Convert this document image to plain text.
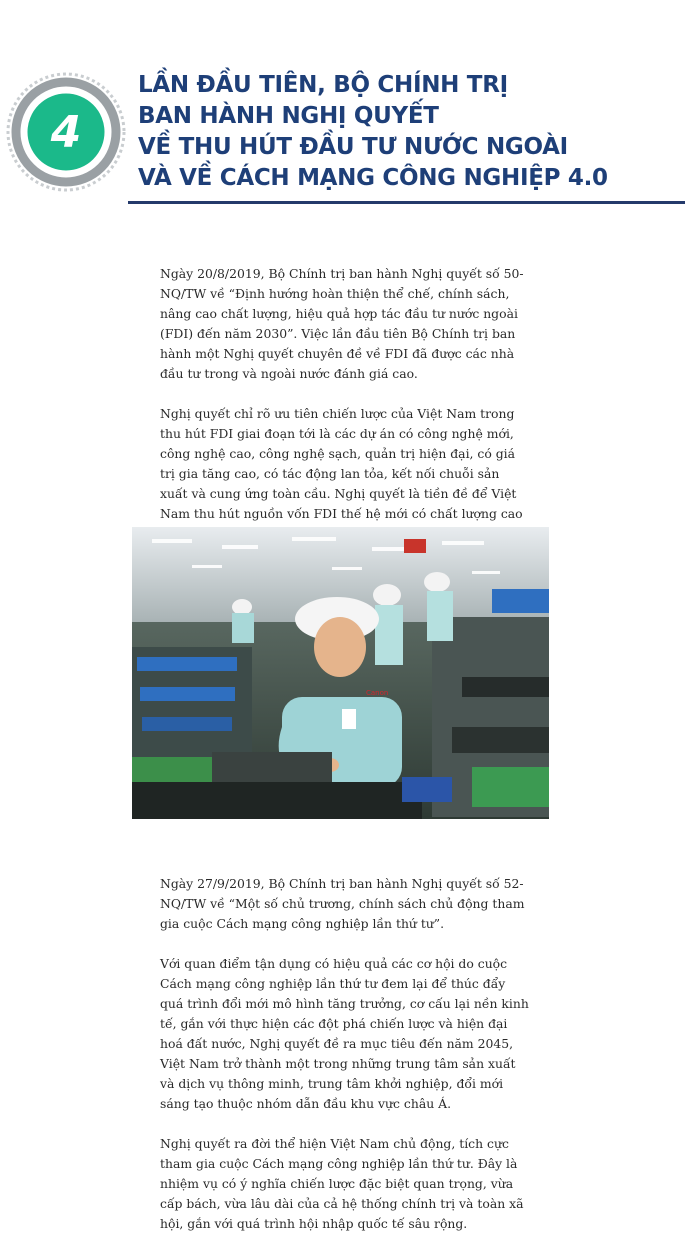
4
LẦN ĐẦU TIÊN, BỘ CHÍNH TRỊ
BAN HÀNH NGHỊ QUYẾT
VỀ THU HÚT ĐẦU TƯ NƯỚC NGOÀI
VÀ VỀ CÁCH MẠNG CÔNG NGHIỆP 4.0

Ngày 20/8/2019, Bộ Chính trị ban hành Nghị quyết số 50-NQ/TW về “Định hướng hoàn thiện thể chế, chính sách, nâng cao chất lượng, hiệu quả hợp tác đầu tư nước ngoài (FDI) đến năm 2030”. Việc lần đầu tiên Bộ Chính trị ban hành một Nghị quyết chuyên đề về FDI đã được các nhà đầu tư trong và ngoài nước đánh giá cao.

Nghị quyết chỉ rõ ưu tiên chiến lược của Việt Nam trong thu hút FDI giai đoạn tới là các dự án có công nghệ mới, công nghệ cao, công nghệ sạch, quản trị hiện đại, có giá trị gia tăng cao, có tác động lan tỏa, kết nối chuỗi sản xuất và cung ứng toàn cầu. Nghị quyết là tiền đề để Việt Nam thu hút nguồn vốn FDI thế hệ mới có chất lượng cao

Canon

Ngày 27/9/2019, Bộ Chính trị ban hành Nghị quyết số 52-NQ/TW về “Một số chủ trương, chính sách chủ động tham gia cuộc Cách mạng công nghiệp lần thứ tư”.

Với quan điểm tận dụng có hiệu quả các cơ hội do cuộc Cách mạng công nghiệp lần thứ tư đem lại để thúc đẩy quá trình đổi mới mô hình tăng trưởng, cơ cấu lại nền kinh tế, gắn với thực hiện các đột phá chiến lược và hiện đại hoá đất nước, Nghị quyết đề ra mục tiêu đến năm 2045, Việt Nam trở thành một trong những trung tâm sản xuất và dịch vụ thông minh, trung tâm khởi nghiệp, đổi mới sáng tạo thuộc nhóm dẫn đầu khu vực châu Á.

Nghị quyết ra đời thể hiện Việt Nam chủ động, tích cực tham gia cuộc Cách mạng công nghiệp lần thứ tư. Đây là nhiệm vụ có ý nghĩa chiến lược đặc biệt quan trọng, vừa cấp bách, vừa lâu dài của cả hệ thống chính trị và toàn xã hội, gắn với quá trình hội nhập quốc tế sâu rộng.
